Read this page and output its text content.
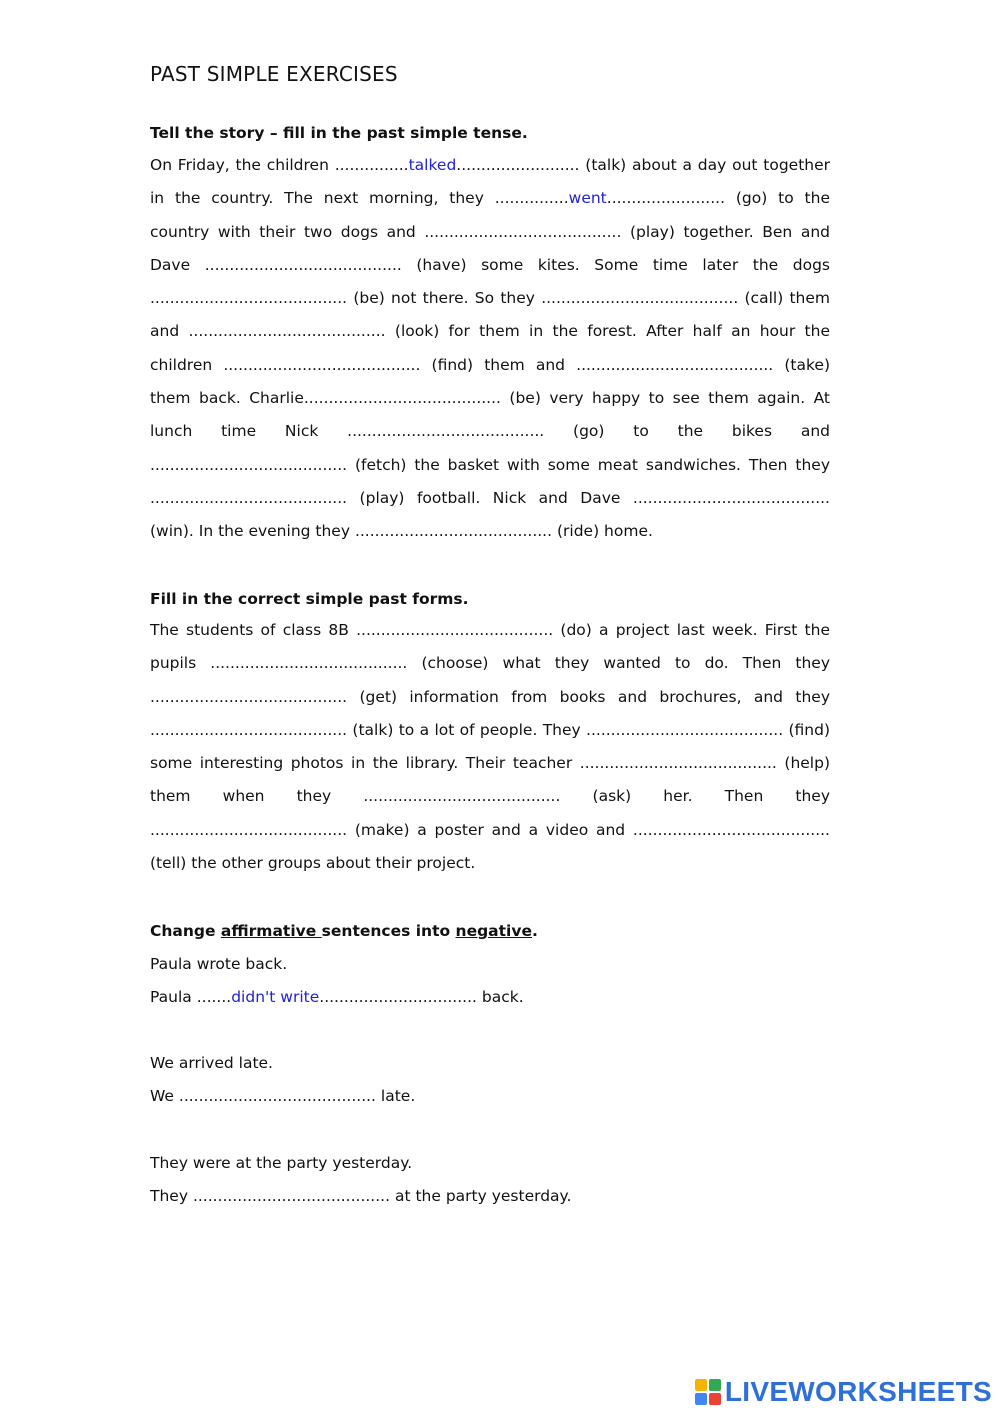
PAST SIMPLE EXERCISES

Tell the story – fill in the past simple tense.

On Friday, the children ...............talked......................... (talk) about a day out together in the country. The next morning, they ...............went........................ (go) to the country with their two dogs and ........................................ (play) together. Ben and Dave ........................................ (have) some kites. Some time later the dogs ........................................ (be) not there. So they ........................................ (call) them and ........................................ (look) for them in the forest. After half an hour the children ........................................ (find) them and ........................................ (take) them back. Charlie........................................ (be) very happy to see them again. At lunch time Nick ........................................ (go) to the bikes and ........................................ (fetch) the basket with some meat sandwiches. Then they ........................................ (play) football. Nick and Dave ........................................ (win). In the evening they ........................................ (ride) home.

Fill in the correct simple past forms.

The students of class 8B ........................................ (do) a project last week. First the pupils ........................................ (choose) what they wanted to do. Then they ........................................ (get) information from books and brochures, and they ........................................ (talk) to a lot of people. They ........................................ (find) some interesting photos in the library. Their teacher ........................................ (help) them when they ........................................ (ask) her. Then they ........................................ (make) a poster and a video and ........................................ (tell) the other groups about their project.

Change affirmative sentences into negative.

Paula wrote back.

Paula .......didn't write................................ back.

We arrived late.

We ........................................ late.

They were at the party yesterday.

They ........................................ at the party yesterday.

LIVEWORKSHEETS
